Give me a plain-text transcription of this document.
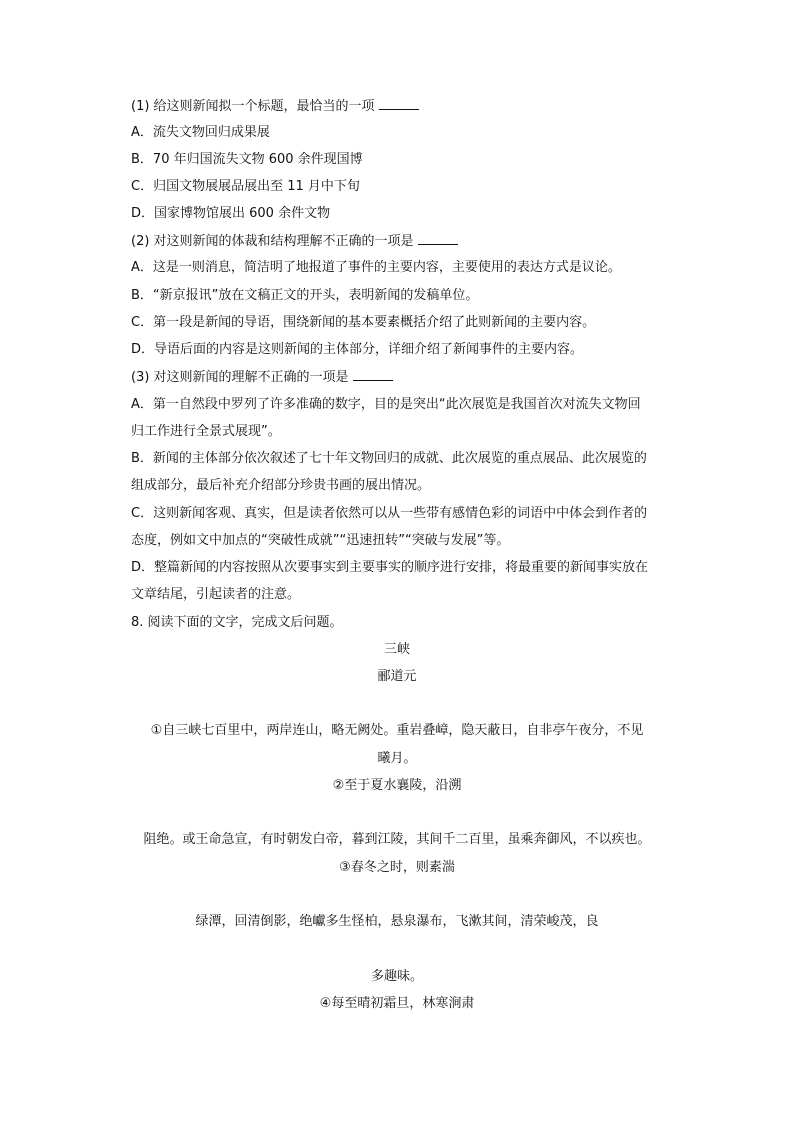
(1) 给这则新闻拟一个标题，最恰当的一项
A．流失文物回归成果展
B．70 年归国流失文物 600 余件现国博
C．归国文物展展品展出至 11 月中下旬
D．国家博物馆展出 600 余件文物
(2) 对这则新闻的体裁和结构理解不正确的一项是
A．这是一则消息，简洁明了地报道了事件的主要内容，主要使用的表达方式是议论。
B．“新京报讯”放在文稿正文的开头，表明新闻的发稿单位。
C．第一段是新闻的导语，围绕新闻的基本要素概括介绍了此则新闻的主要内容。
D．导语后面的内容是这则新闻的主体部分，详细介绍了新闻事件的主要内容。
(3) 对这则新闻的理解不正确的一项是
A．第一自然段中罗列了许多准确的数字，目的是突出“此次展览是我国首次对流失文物回
归工作进行全景式展现”。
B．新闻的主体部分依次叙述了七十年文物回归的成就、此次展览的重点展品、此次展览的
组成部分，最后补充介绍部分珍贵书画的展出情况。
C．这则新闻客观、真实，但是读者依然可以从一些带有感情色彩的词语中中体会到作者的
态度，例如文中加点的“突破性成就”“迅速扭转”“突破与发展”等。
D．整篇新闻的内容按照从次要事实到主要事实的顺序进行安排，将最重要的新闻事实放在
文章结尾，引起读者的注意。
8. 阅读下面的文字，完成文后问题。
三峡
郦道元
①自三峡七百里中，两岸连山，略无阙处。重岩叠嶂，隐天蔽日，自非亭午夜分，不见
曦月。
②至于夏水襄陵，沿溯
阻绝。或王命急宣，有时朝发白帝，暮到江陵，其间千二百里，虽乘奔御风，不以疾也。
③春冬之时，则素湍
绿潭，回清倒影，绝巘多生怪柏，悬泉瀑布，飞漱其间，清荣峻茂，良
多趣味。
④每至晴初霜旦，林寒涧肃
